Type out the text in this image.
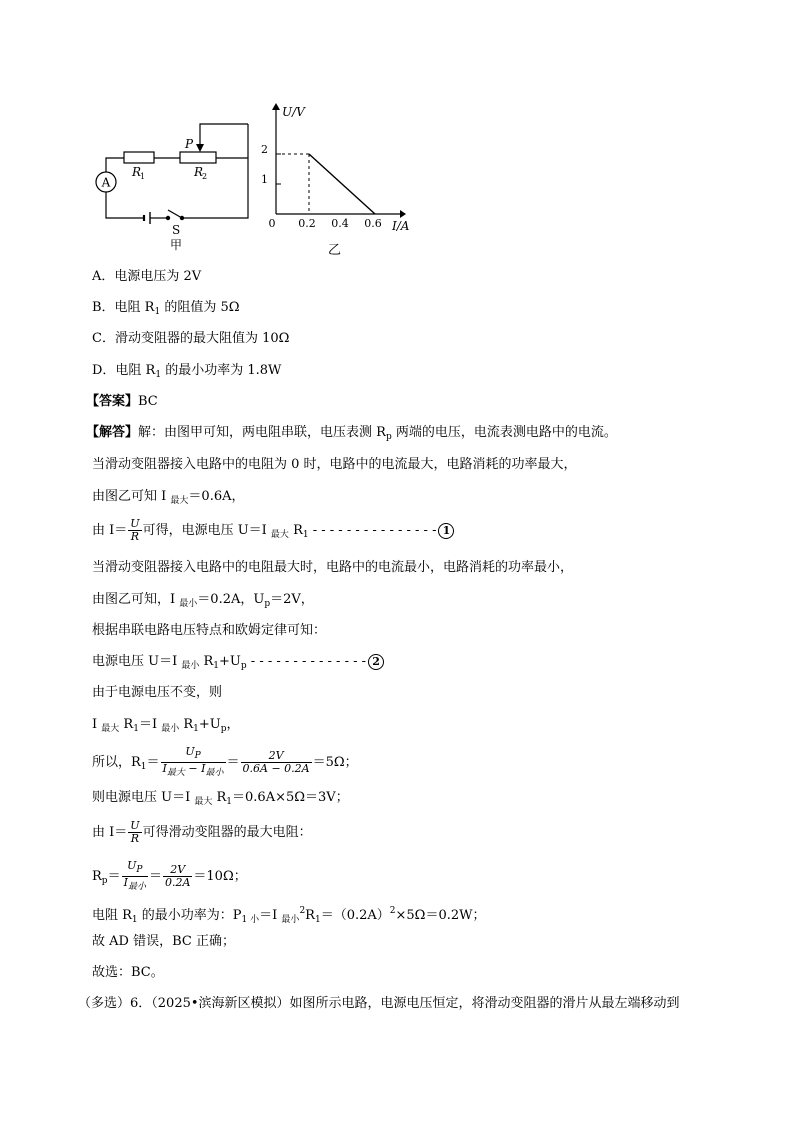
A
P
R
1	R
2
S
甲
U/V
I/A
0 0.2 0.4 0.6
1
2
乙
A．电源电压为 2V
B．电阻 $R_1$ 的阻值为 5Ω
C．滑动变阻器的最大阻值为 10Ω
D．电阻 $R_1$ 的最小功率为 1.8W
【答案】BC
【解答】解：由图甲可知，两电阻串联，电压表测 $R_p$ 两端的电压，电流表测电路中的电流。
当滑动变阻器接入电路中的电阻为 0 时，电路中的电流最大，电路消耗的功率最大，
由图乙可知 I $_{最大}$＝0.6A，
由 $I= \frac{U}{R}$ 可得，电源电压 U＝I $_{最大}$ $R_1$ - - - - - - - - - - - - - - - 1
当滑动变阻器接入电路中的电阻最大时，电路中的电流最小，电路消耗的功率最小，
由图乙可知，I $_{最小}$＝0.2A，$U_p=2V$，
根据串联电路电压特点和欧姆定律可知：
电源电压 U＝I $_{最小}$ $R_1+U_p$ - - - - - - - - - - - - - - 2
由于电源电压不变，则
I $_{最大}$ $R_1=I$ $_{最小}$ $R_1+U_p$，
所以，$R_1= \frac{U_P}{I_{最大} - I_{最小}} = \frac{2V}{0.6A - 0.2A} =5\Omega$；
则电源电压 U＝I $_{最大}$ $R_1=0.6A\times 5\Omega=3V$；
由 $I= \frac{U}{R}$ 可得滑动变阻器的最大电阻：
$R_p= \frac{U_P}{I_{最小}} = \frac{2V}{0.2A} =10\Omega$；
电阻 $R_1$ 的最小功率为：$P_{1 小}=I$ $_{最小}^2R_1=(0.2A)^2\times 5\Omega=0.2W$；
故 AD 错误，BC 正确；
故选：BC。
（多选）6．（2025•滨海新区模拟）如图所示电路，电源电压恒定，将滑动变阻器的滑片从最左端移动到
